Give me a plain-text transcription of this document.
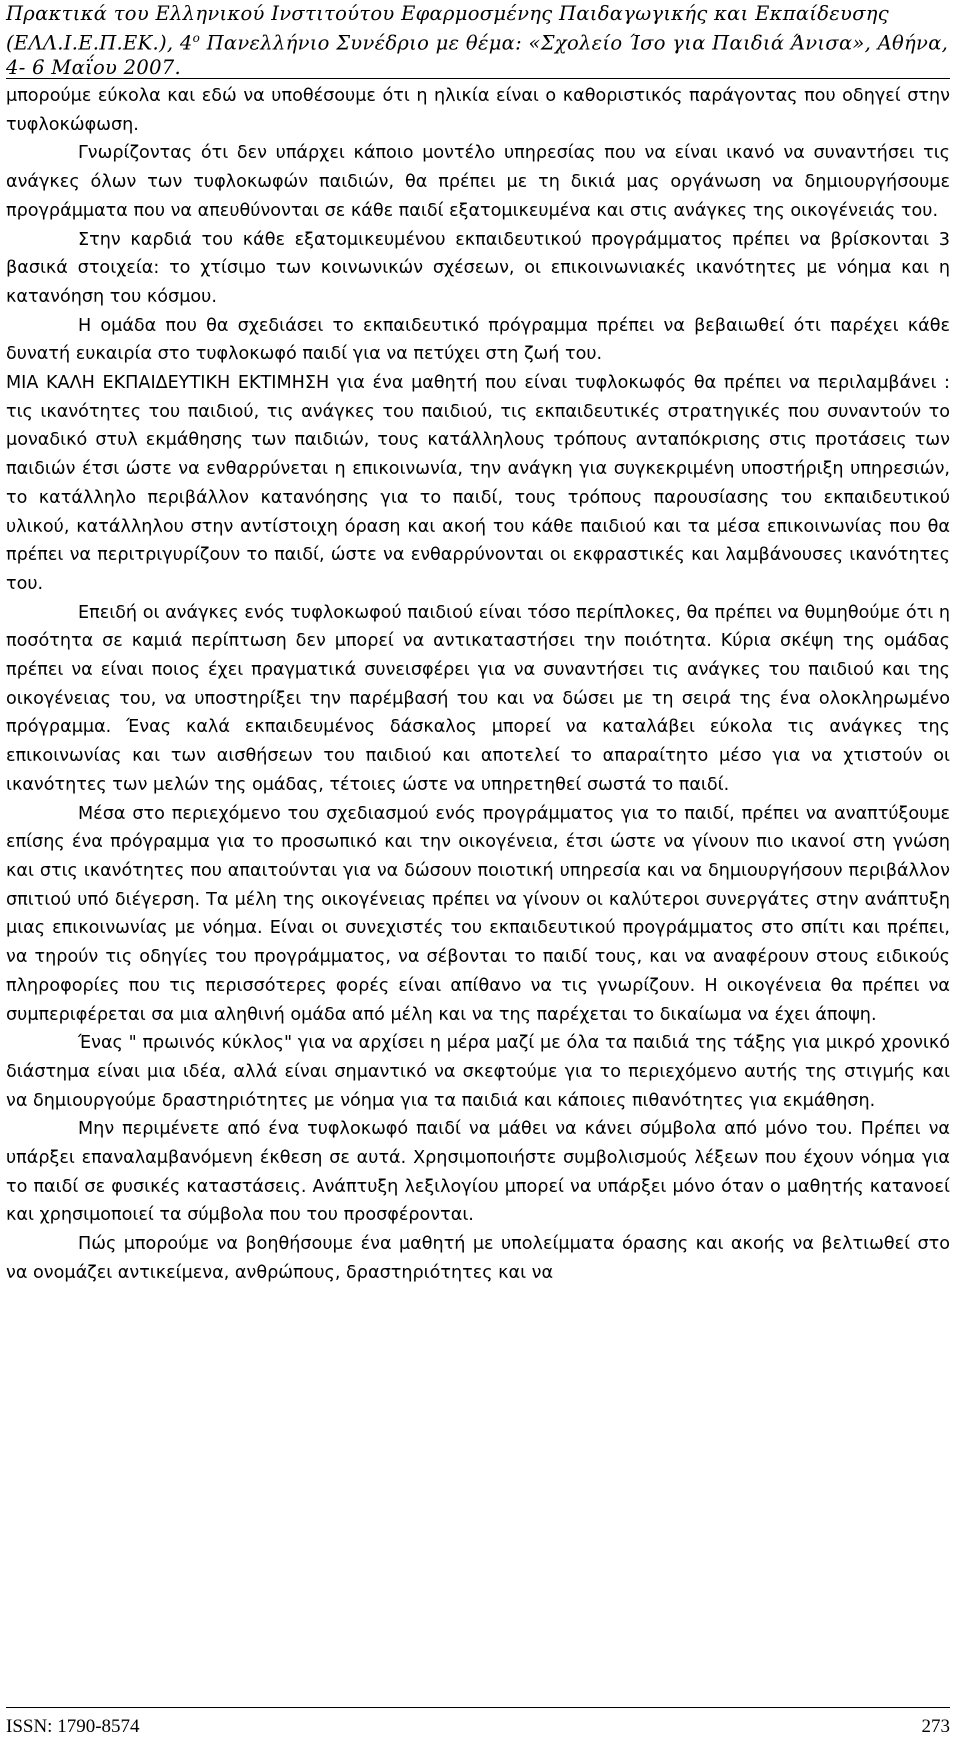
Πρακτικά του Ελληνικού Ινστιτούτου Εφαρμοσμένης Παιδαγωγικής και Εκπαίδευσης
(ΕΛΛ.Ι.Ε.Π.ΕΚ.), $4^o$ Πανελλήνιο Συνέδριο με θέμα: «Σχολείο Ίσο για Παιδιά Άνισα», Αθήνα,
4- 6 Μαΐου 2007.

μπορούμε εύκολα και εδώ να υποθέσουμε ότι η ηλικία είναι ο καθοριστικός παράγοντας που οδηγεί στην τυφλοκώφωση.

Γνωρίζοντας ότι δεν υπάρχει κάποιο μοντέλο υπηρεσίας που να είναι ικανό να συναντήσει τις ανάγκες όλων των τυφλοκωφών παιδιών, θα πρέπει με τη δικιά μας οργάνωση να δημιουργήσουμε προγράμματα που να απευθύνονται σε κάθε παιδί εξατομικευμένα και στις ανάγκες της οικογένειάς του.

Στην καρδιά του κάθε εξατομικευμένου εκπαιδευτικού προγράμματος πρέπει να βρίσκονται 3 βασικά στοιχεία: το χτίσιμο των κοινωνικών σχέσεων, οι επικοινωνιακές ικανότητες με νόημα και η κατανόηση του κόσμου.

Η ομάδα που θα σχεδιάσει το εκπαιδευτικό πρόγραμμα πρέπει να βεβαιωθεί ότι παρέχει κάθε δυνατή ευκαιρία στο τυφλοκωφό παιδί για να πετύχει στη ζωή του.

ΜΙΑ ΚΑΛΗ ΕΚΠΑΙΔΕΥΤΙΚΗ ΕΚΤΙΜΗΣΗ για ένα μαθητή που είναι τυφλοκωφός θα πρέπει να περιλαμβάνει : τις ικανότητες του παιδιού, τις ανάγκες του παιδιού, τις εκπαιδευτικές στρατηγικές που συναντούν το μοναδικό στυλ εκμάθησης των παιδιών, τους κατάλληλους τρόπους ανταπόκρισης στις προτάσεις των παιδιών έτσι ώστε να ενθαρρύνεται η επικοινωνία, την ανάγκη για συγκεκριμένη υποστήριξη υπηρεσιών, το κατάλληλο περιβάλλον κατανόησης για το παιδί, τους τρόπους παρουσίασης του εκπαιδευτικού υλικού, κατάλληλου στην αντίστοιχη όραση και ακοή του κάθε παιδιού και τα μέσα επικοινωνίας που θα πρέπει να περιτριγυρίζουν το παιδί, ώστε να ενθαρρύνονται οι εκφραστικές και λαμβάνουσες ικανότητες του.

Επειδή οι ανάγκες ενός τυφλοκωφού παιδιού είναι τόσο περίπλοκες, θα πρέπει να θυμηθούμε ότι η ποσότητα σε καμιά περίπτωση δεν μπορεί να αντικαταστήσει την ποιότητα. Κύρια σκέψη της ομάδας πρέπει να είναι ποιος έχει πραγματικά συνεισφέρει για να συναντήσει τις ανάγκες του παιδιού και της οικογένειας του, να υποστηρίξει την παρέμβασή του και να δώσει με τη σειρά της ένα ολοκληρωμένο πρόγραμμα. Ένας καλά εκπαιδευμένος δάσκαλος μπορεί να καταλάβει εύκολα τις ανάγκες της επικοινωνίας και των αισθήσεων του παιδιού και αποτελεί το απαραίτητο μέσο για να χτιστούν οι ικανότητες των μελών της ομάδας, τέτοιες ώστε να υπηρετηθεί σωστά το παιδί.

Μέσα στο περιεχόμενο του σχεδιασμού ενός προγράμματος για το παιδί, πρέπει να αναπτύξουμε επίσης ένα πρόγραμμα για το προσωπικό και την οικογένεια, έτσι ώστε να γίνουν πιο ικανοί στη γνώση και στις ικανότητες που απαιτούνται για να δώσουν ποιοτική υπηρεσία και να δημιουργήσουν περιβάλλον σπιτιού υπό διέγερση. Τα μέλη της οικογένειας πρέπει να γίνουν οι καλύτεροι συνεργάτες στην ανάπτυξη μιας επικοινωνίας με νόημα. Είναι οι συνεχιστές του εκπαιδευτικού προγράμματος στο σπίτι και πρέπει, να τηρούν τις οδηγίες του προγράμματος, να σέβονται το παιδί τους, και να αναφέρουν στους ειδικούς πληροφορίες που τις περισσότερες φορές είναι απίθανο να τις γνωρίζουν. Η οικογένεια θα πρέπει να συμπεριφέρεται σα μια αληθινή ομάδα από μέλη και να της παρέχεται το δικαίωμα να έχει άποψη.

Ένας " πρωινός κύκλος" για να αρχίσει η μέρα μαζί με όλα τα παιδιά της τάξης για μικρό χρονικό διάστημα είναι μια ιδέα, αλλά είναι σημαντικό να σκεφτούμε για το περιεχόμενο αυτής της στιγμής και να δημιουργούμε δραστηριότητες με νόημα για τα παιδιά και κάποιες πιθανότητες για εκμάθηση.

Μην περιμένετε από ένα τυφλοκωφό παιδί να μάθει να κάνει σύμβολα από μόνο του. Πρέπει να υπάρξει επαναλαμβανόμενη έκθεση σε αυτά. Χρησιμοποιήστε συμβολισμούς λέξεων που έχουν νόημα για το παιδί σε φυσικές καταστάσεις. Ανάπτυξη λεξιλογίου μπορεί να υπάρξει μόνο όταν ο μαθητής κατανοεί και χρησιμοποιεί τα σύμβολα που του προσφέρονται.

Πώς μπορούμε να βοηθήσουμε ένα μαθητή με υπολείμματα όρασης και ακοής να βελτιωθεί στο να ονομάζει αντικείμενα, ανθρώπους, δραστηριότητες και να

ISSN: 1790-8574	273
